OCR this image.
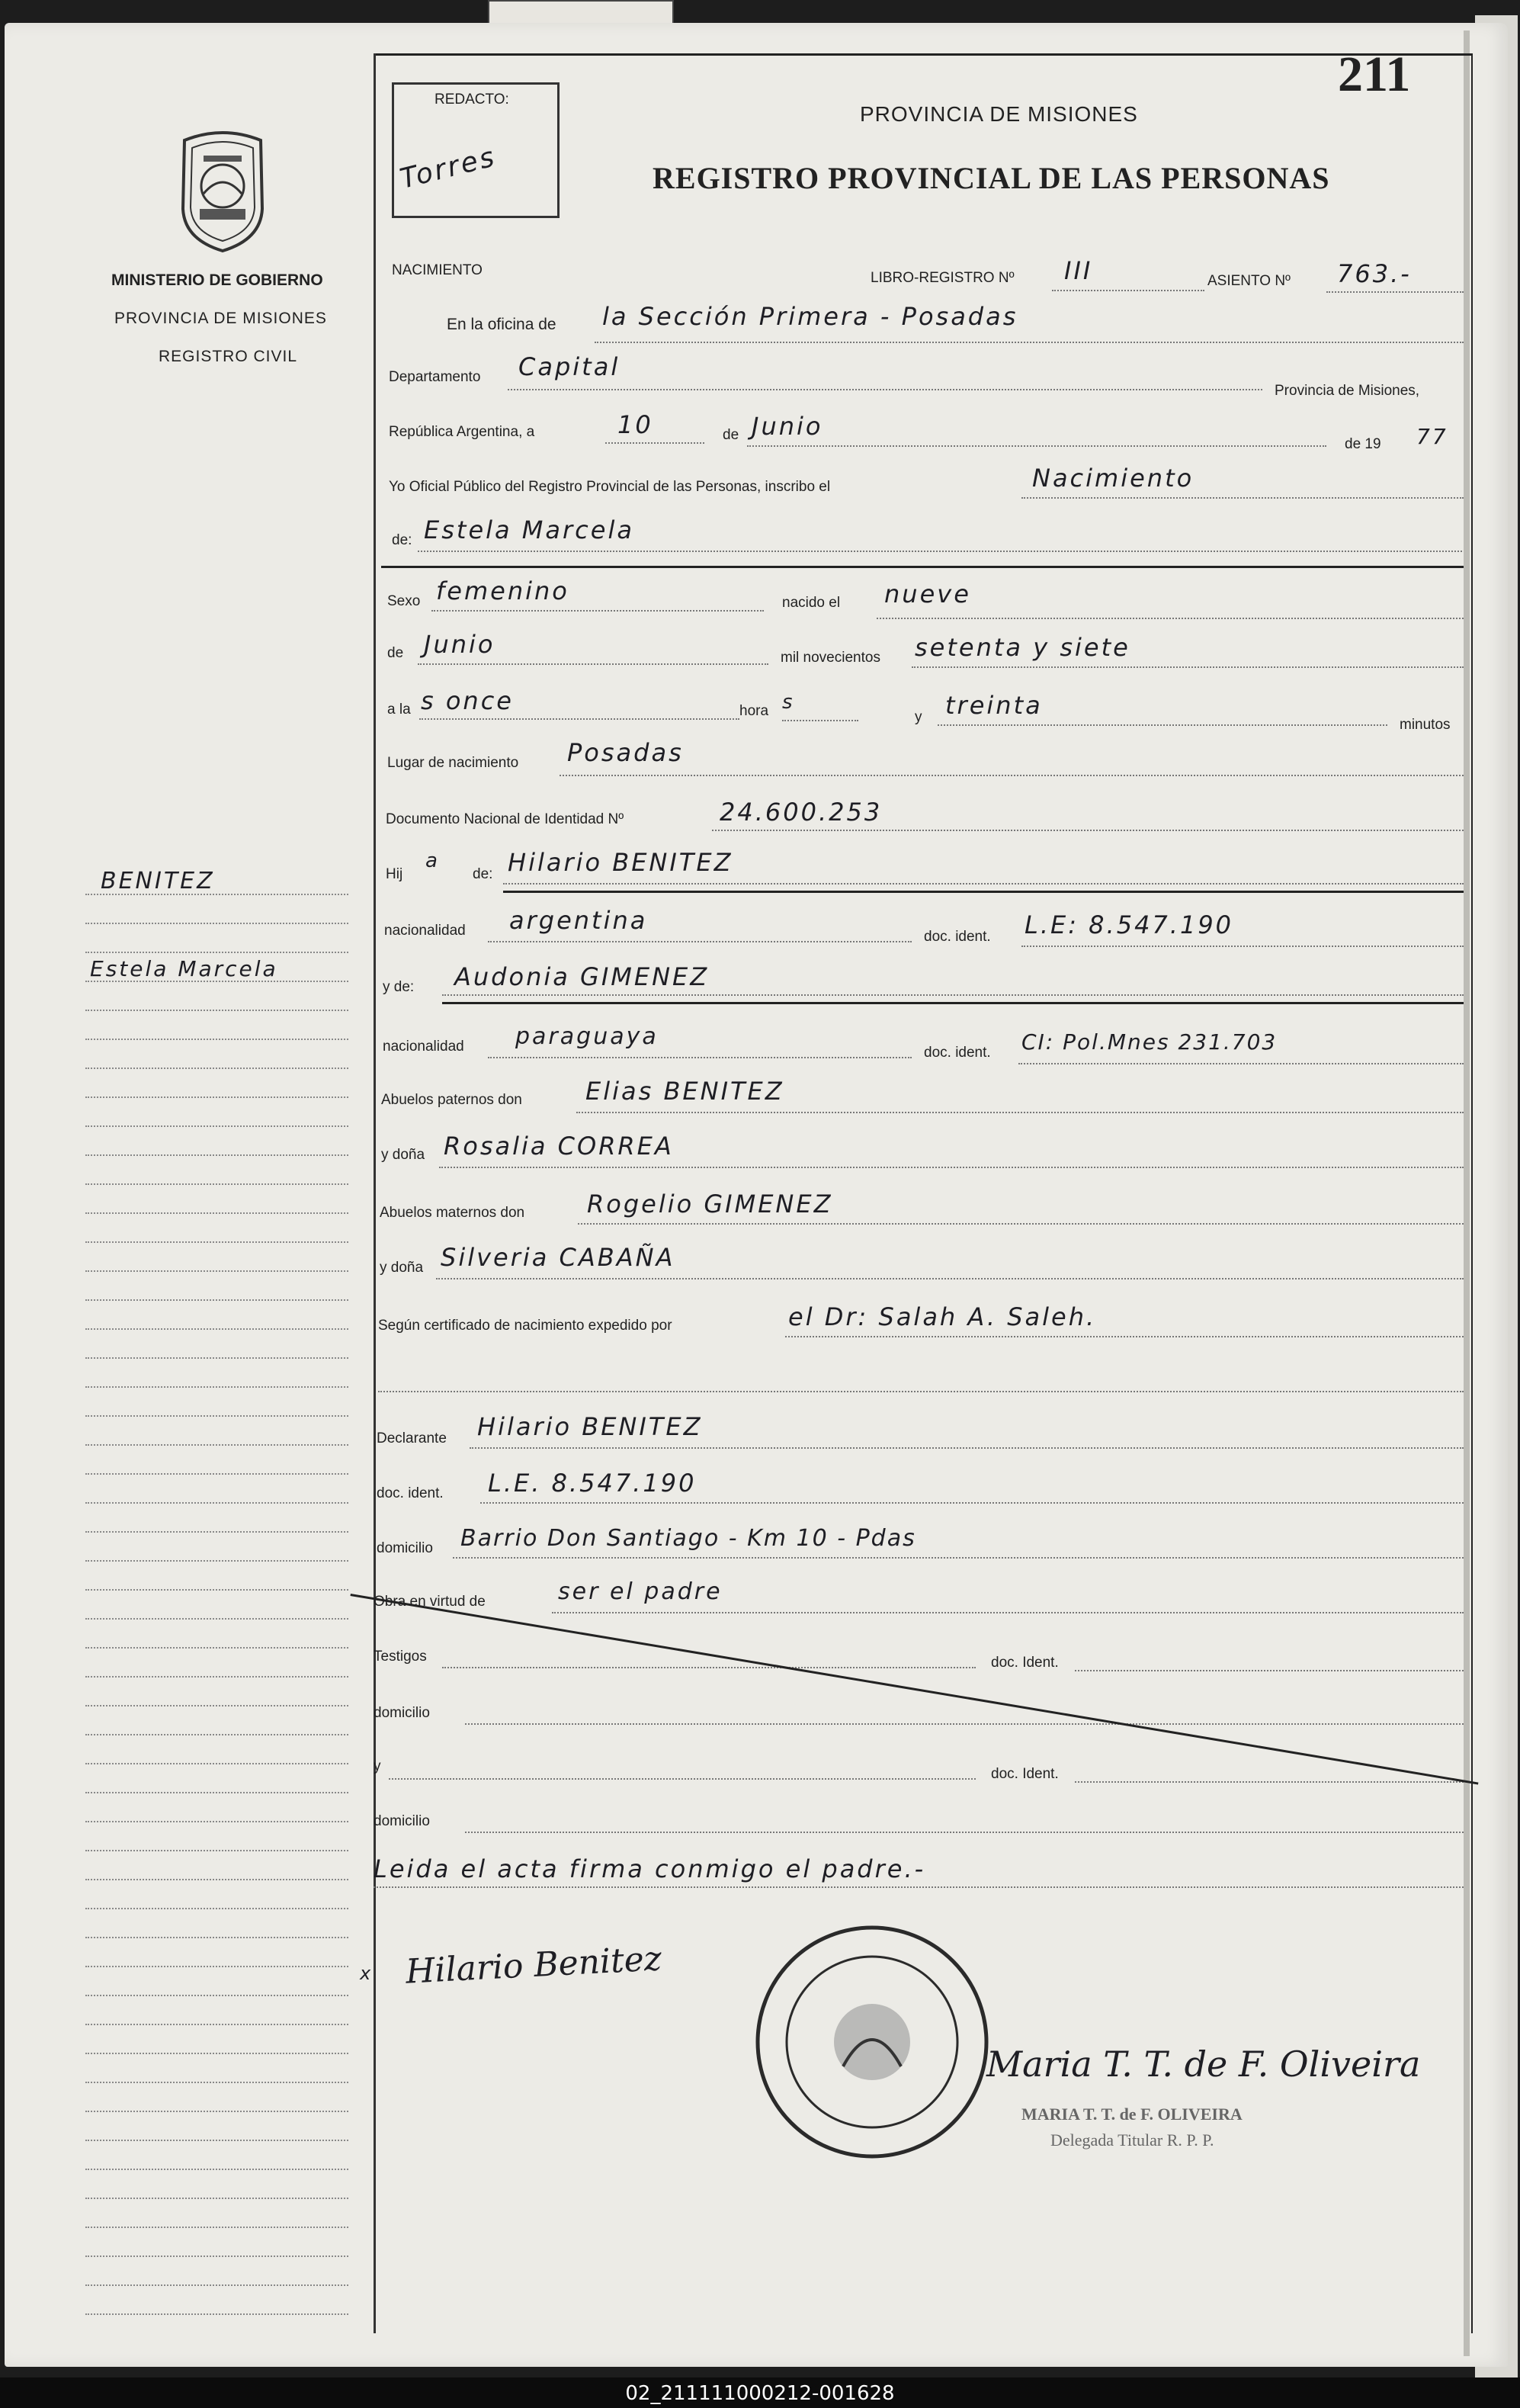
MINISTERIO DE GOBIERNO
PROVINCIA DE MISIONES
REGISTRO CIVIL
BENITEZ
Estela Marcela
REDACTO:
Torres
211
PROVINCIA DE MISIONES
REGISTRO PROVINCIAL DE LAS PERSONAS
NACIMIENTO	LIBRO-REGISTRO Nº III	ASIENTO Nº 763.-
En la oficina de la Sección Primera - Posadas
Departamento Capital
Provincia de Misiones,
República Argentina, a	10	de Junio
de 19 77
Yo Oficial Público del Registro Provincial de las Personas, inscribo el	Nacimiento
de: Estela Marcela
Sexo femenino	nacido el nueve
de Junio	mil novecientos setenta y siete
a la s once	hora s
y treinta
minutos
Lugar de nacimiento Posadas
Documento Nacional de Identidad Nº	24.600.253
Hij
a
de: Hilario BENITEZ
nacionalidad argentina
doc. ident. L.E: 8.547.190
y de: Audonia GIMENEZ
nacionalidad paraguaya
doc. ident. CI: Pol.Mnes 231.703
Abuelos paternos don	Elias BENITEZ
y doña Rosalia CORREA
Abuelos maternos don	Rogelio GIMENEZ
y doña Silveria CABAÑA
Según certificado de nacimiento expedido por	el Dr: Salah A. Saleh.
Declarante Hilario BENITEZ
doc. ident. L.E. 8.547.190
domicilio Barrio Don Santiago - Km 10 - Pdas
Obra en virtud de	ser el padre
Testigos	doc. Ident.
domicilio
y	doc. Ident.
domicilio
Leida el acta firma conmigo el padre.-
x Hilario Benitez
Maria T. T. de F. Oliveira
MARIA T. T. de F. OLIVEIRA
Delegada Titular R. P. P.
02_211111000212-001628
